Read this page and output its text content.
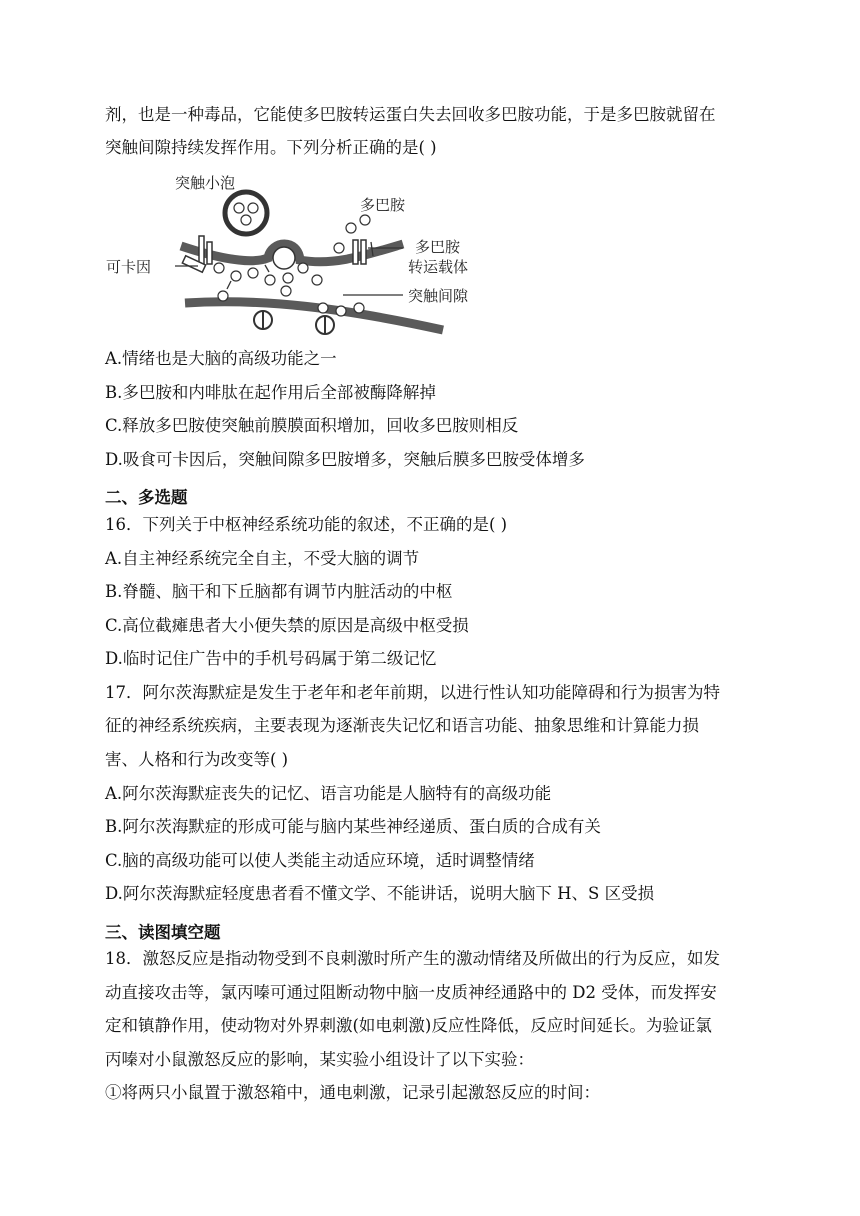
剂，也是一种毒品，它能使多巴胺转运蛋白失去回收多巴胺功能，于是多巴胺就留在
突触间隙持续发挥作用。下列分析正确的是( )
突触小泡
多巴胺
多巴胺
转运载体
可卡因
突触间隙
A.情绪也是大脑的高级功能之一
B.多巴胺和内啡肽在起作用后全部被酶降解掉
C.释放多巴胺使突触前膜膜面积增加，回收多巴胺则相反
D.吸食可卡因后，突触间隙多巴胺增多，突触后膜多巴胺受体增多
二、多选题
16．下列关于中枢神经系统功能的叙述，不正确的是( )
A.自主神经系统完全自主，不受大脑的调节
B.脊髓、脑干和下丘脑都有调节内脏活动的中枢
C.高位截瘫患者大小便失禁的原因是高级中枢受损
D.临时记住广告中的手机号码属于第二级记忆
17．阿尔茨海默症是发生于老年和老年前期，以进行性认知功能障碍和行为损害为特
征的神经系统疾病，主要表现为逐渐丧失记忆和语言功能、抽象思维和计算能力损
害、人格和行为改变等( )
A.阿尔茨海默症丧失的记忆、语言功能是人脑特有的高级功能
B.阿尔茨海默症的形成可能与脑内某些神经递质、蛋白质的合成有关
C.脑的高级功能可以使人类能主动适应环境，适时调整情绪
D.阿尔茨海默症轻度患者看不懂文学、不能讲话，说明大脑下 H、S 区受损
三、读图填空题
18．激怒反应是指动物受到不良刺激时所产生的激动情绪及所做出的行为反应，如发
动直接攻击等，氯丙嗪可通过阻断动物中脑一皮质神经通路中的 D2 受体，而发挥安
定和镇静作用，使动物对外界刺激(如电刺激)反应性降低，反应时间延长。为验证氯
丙嗪对小鼠激怒反应的影响，某实验小组设计了以下实验：
①将两只小鼠置于激怒箱中，通电刺激，记录引起激怒反应的时间：
